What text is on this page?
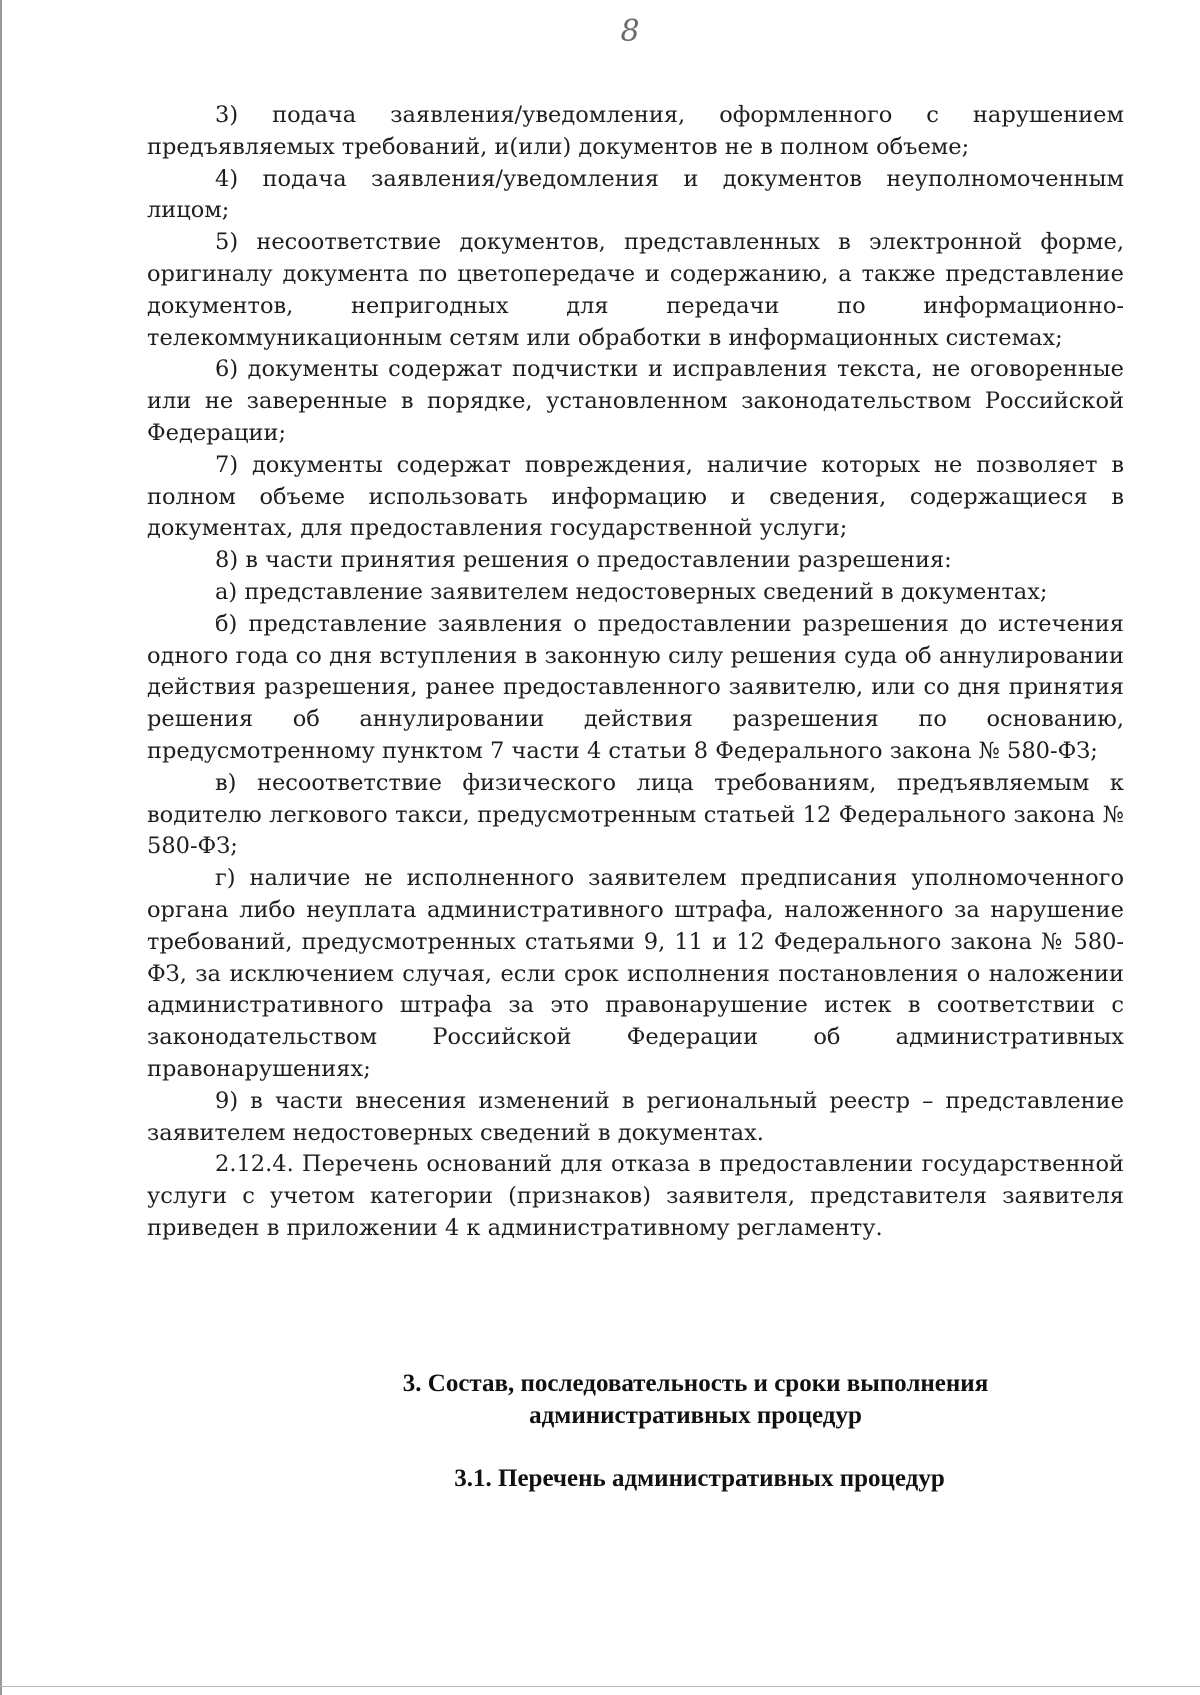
8

3) подача заявления/уведомления, оформленного с нарушением предъявляемых требований, и(или) документов не в полном объеме;

4) подача заявления/уведомления и документов неуполномоченным лицом;

5) несоответствие документов, представленных в электронной форме, оригиналу документа по цветопередаче и содержанию, а также представление документов, непригодных для передачи по информационно-телекоммуникационным сетям или обработки в информационных системах;

6) документы содержат подчистки и исправления текста, не оговоренные или не заверенные в порядке, установленном законодательством Российской Федерации;

7) документы содержат повреждения, наличие которых не позволяет в полном объеме использовать информацию и сведения, содержащиеся в документах, для предоставления государственной услуги;

8) в части принятия решения о предоставлении разрешения:

а) представление заявителем недостоверных сведений в документах;

б) представление заявления о предоставлении разрешения до истечения одного года со дня вступления в законную силу решения суда об аннулировании действия разрешения, ранее предоставленного заявителю, или со дня принятия решения об аннулировании действия разрешения по основанию, предусмотренному пунктом 7 части 4 статьи 8 Федерального закона № 580-ФЗ;

в) несоответствие физического лица требованиям, предъявляемым к водителю легкового такси, предусмотренным статьей 12 Федерального закона № 580-ФЗ;

г) наличие не исполненного заявителем предписания уполномоченного органа либо неуплата административного штрафа, наложенного за нарушение требований, предусмотренных статьями 9, 11 и 12 Федерального закона № 580-ФЗ, за исключением случая, если срок исполнения постановления о наложении административного штрафа за это правонарушение истек в соответствии с законодательством Российской Федерации об административных правонарушениях;

9) в части внесения изменений в региональный реестр – представление заявителем недостоверных сведений в документах.

2.12.4. Перечень оснований для отказа в предоставлении государственной услуги с учетом категории (признаков) заявителя, представителя заявителя приведен в приложении 4 к административному регламенту.

3. Состав, последовательность и сроки выполнения
административных процедур
3.1. Перечень административных процедур
